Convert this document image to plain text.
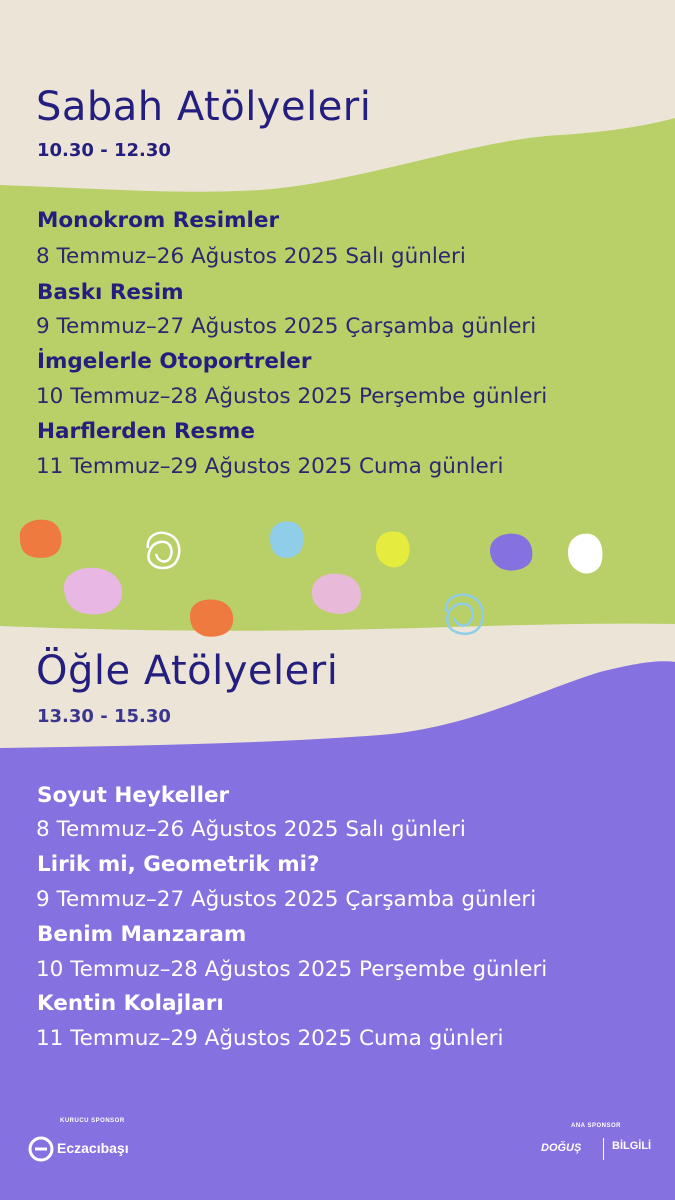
Sabah Atölyeleri
10.30 - 12.30
Monokrom Resimler
8 Temmuz–26 Ağustos 2025 Salı günleri
Baskı Resim
9 Temmuz–27 Ağustos 2025 Çarşamba günleri
İmgelerle Otoportreler
10 Temmuz–28 Ağustos 2025 Perşembe günleri
Harflerden Resme
11 Temmuz–29 Ağustos 2025 Cuma günleri
Öğle Atölyeleri
13.30 - 15.30
Soyut Heykeller
8 Temmuz–26 Ağustos 2025 Salı günleri
Lirik mi, Geometrik mi?
9 Temmuz–27 Ağustos 2025 Çarşamba günleri
Benim Manzaram
10 Temmuz–28 Ağustos 2025 Perşembe günleri
Kentin Kolajları
11 Temmuz–29 Ağustos 2025 Cuma günleri
KURUCU SPONSOR
Eczacıbaşı
ANA SPONSOR
DOĞUŞ	BİLGİLİ
